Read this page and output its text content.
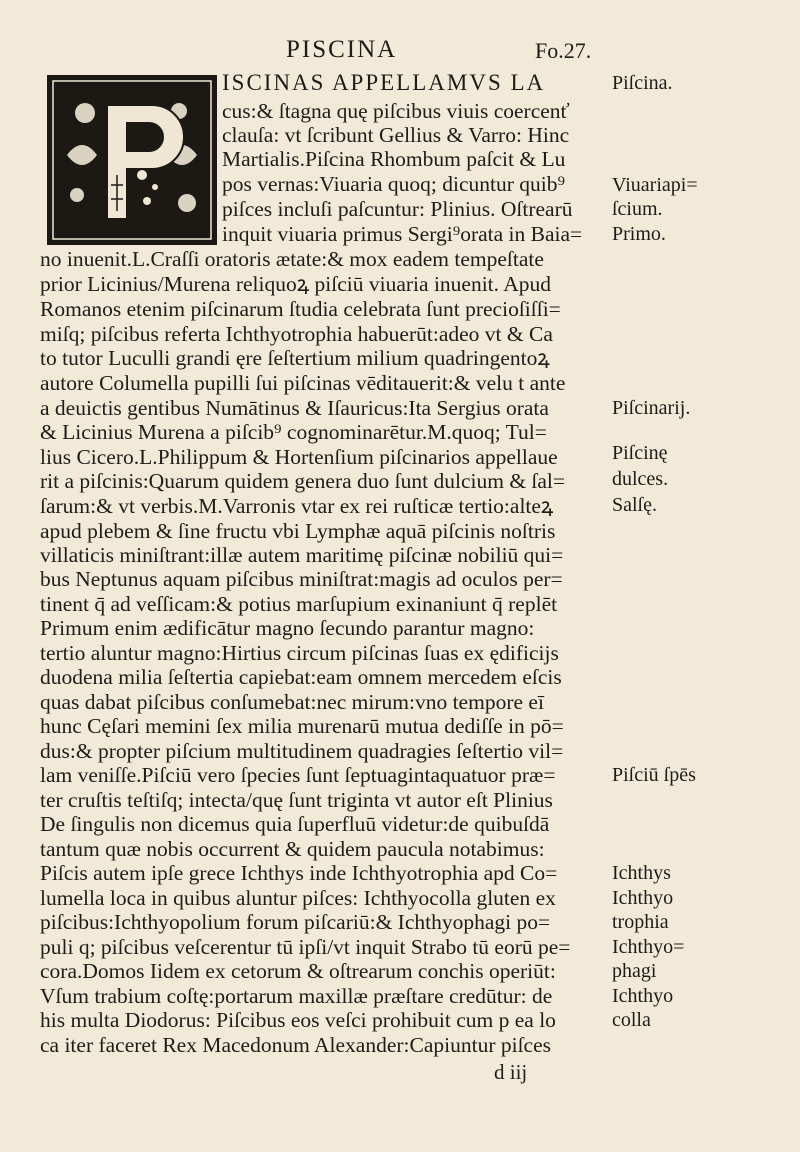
PISCINA	Fo.27.
ISCINAS APPELLAMVS LA
cus:& ſtagna quę piſcibus viuis coercenť
clauſa: vt ſcribunt Gellius & Varro: Hinc
Martialis.Piſcina Rhombum paſcit & Lu
pos vernas:Viuaria quoq; dicuntur quib⁹
piſces incluſi paſcuntur: Plinius. Oſtrearū
inquit viuaria primus Sergi⁹orata in Baia=
no inuenit.L.Craſſi oratoris ætate:& mox eadem tempeſtate
prior Licinius/Murena reliquoꝝ piſciū viuaria inuenit. Apud
Romanos etenim piſcinarum ſtudia celebrata ſunt precioſiſſi=
miſq; piſcibus referta Ichthyotrophia habuerūt:adeo vt & Ca
to tutor Luculli grandi ęre ſeſtertium milium quadringentoꝝ
autore Columella pupilli ſui piſcinas vēditauerit:& velu t ante
a deuictis gentibus Numātinus & Iſauricus:Ita Sergius orata
& Licinius Murena a piſcib⁹ cognominarētur.M.quoq; Tul=
lius Cicero.L.Philippum & Hortenſium piſcinarios appellaue
rit a piſcinis:Quarum quidem genera duo ſunt dulcium & ſal=
ſarum:& vt verbis.M.Varronis vtar ex rei ruſticæ tertio:alteꝝ
apud plebem & ſine fructu vbi Lymphæ aquā piſcinis noſtris
villaticis miniſtrant:illæ autem maritimę piſcinæ nobiliū qui=
bus Neptunus aquam piſcibus miniſtrat:magis ad oculos per=
tinent q̄ ad veſſicam:& potius marſupium exinaniunt q̄ replēt
Primum enim ædificātur magno ſecundo parantur magno:
tertio aluntur magno:Hirtius circum piſcinas ſuas ex ędificijs
duodena milia ſeſtertia capiebat:eam omnem mercedem eſcis
quas dabat piſcibus conſumebat:nec mirum:vno tempore eī
hunc Cęſari memini ſex milia murenarū mutua dediſſe in pō=
dus:& propter piſcium multitudinem quadragies ſeſtertio vil=
lam veniſſe.Piſciū vero ſpecies ſunt ſeptuagintaquatuor præ=
ter cruſtis teſtiſq; intecta/quę ſunt triginta vt autor eſt Plinius
De ſingulis non dicemus quia ſuperfluū videtur:de quibuſdā
tantum quæ nobis occurrent & quidem paucula notabimus:
Piſcis autem ipſe grece Ichthys inde Ichthyotrophia apd Co=
lumella loca in quibus aluntur piſces: Ichthyocolla gluten ex
piſcibus:Ichthyopolium forum piſcariū:& Ichthyophagi po=
puli q; piſcibus veſcerentur tū ipſi/vt inquit Strabo tū eorū pe=
cora.Domos Iidem ex cetorum & oſtrearum conchis operiūt:
Vſum trabium coſtę:portarum maxillæ præſtare credūtur: de
his multa Diodorus: Piſcibus eos veſci prohibuit cum p ea lo
ca iter faceret Rex Macedonum Alexander:Capiuntur piſces
Piſcina.
Viuariapi=
ſcium.
Primo.
Piſcinarij.
Piſcinę
dulces.
Salſę.
Piſciū ſpēs
Ichthys
Ichthyo
trophia
Ichthyo=
phagi
Ichthyo
colla
d iij
